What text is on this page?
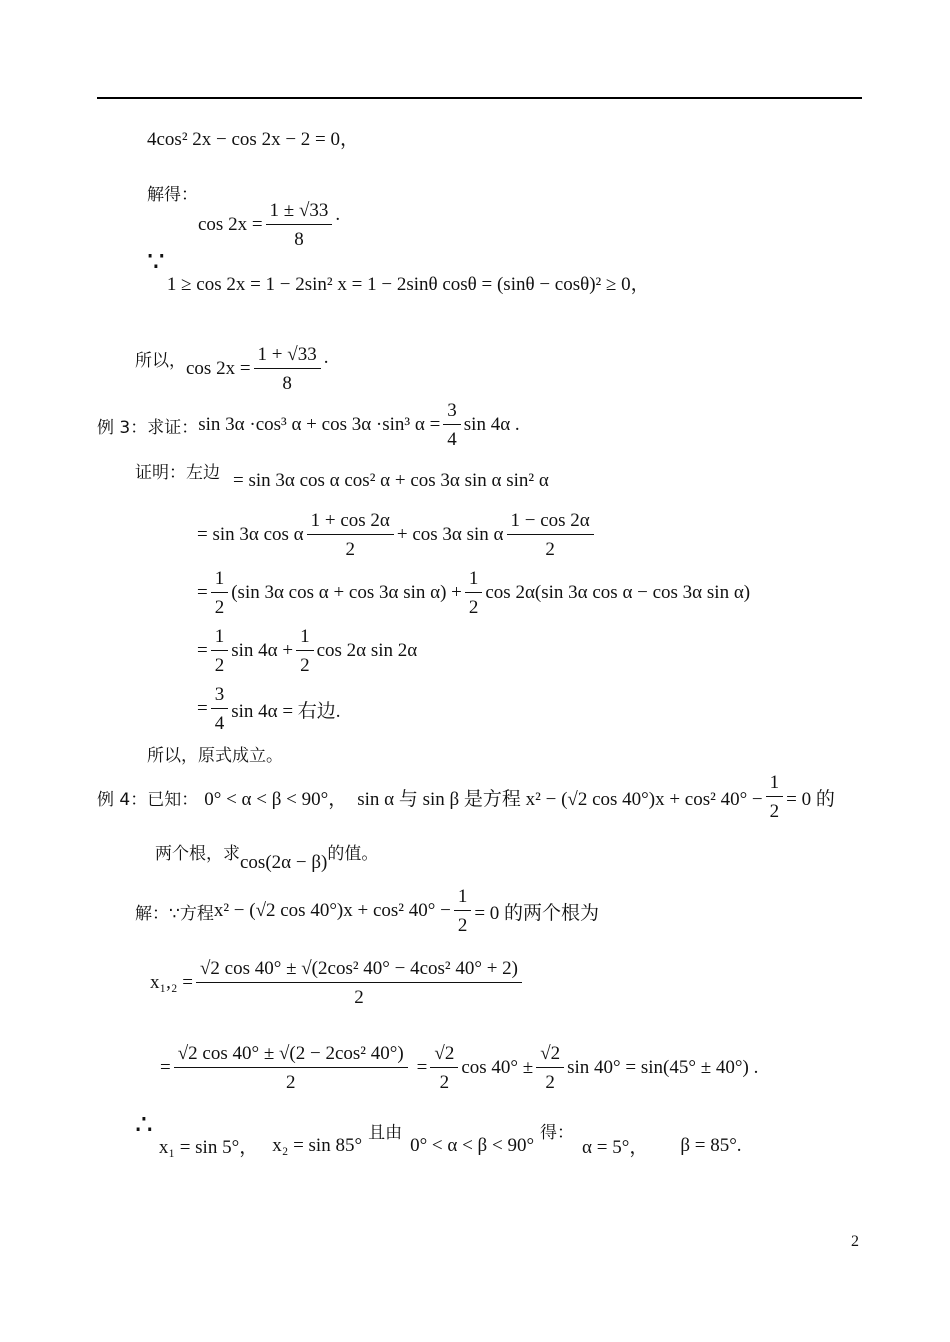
4cos² 2x − cos 2x − 2 = 0，
解得：
$\cos 2x = \frac{1 \pm √33}{8}$ .
∵
1 ≥ cos 2x = 1 − 2sin² x = 1 − 2sinθ cosθ = (sinθ − cosθ)² ≥ 0，
所以， $\cos 2x = \frac{1 + √33}{8}$ .
例 3：求证： sin 3α ·cos³ α + cos 3α ·sin³ $\alpha = \frac{3}{4}$ sin 4α .
证明：左边 = sin 3α cos α cos² α + cos 3α sin α sin² α
= sin 3α cos α $\frac{1 + \cos 2\alpha}{2} + \cos 3\alpha$ sin α $\frac{1 - \cos 2\alpha}{2}$
= $\frac{1}{2} (\sin$ 3α cos α + cos 3α $\sin \alpha) + \frac{1}{2}$ cos 2α(sin 3α cos α − cos 3α sin α)
= $\frac{1}{2}$ $\sin 4\alpha + \frac{1}{2}$ cos 2α sin 2α
= $\frac{3}{4}$ sin 4α = 右边.
所以，原式成立。
例 4：已知： 0° < α < β < 90°， sin α 与 sin β 是方程 x² − (√2 cos 40°)x + cos² $40^\circ - \frac{1}{2} = 0$ 的
两个根，求 cos(2α − β) 的值。
解：∵方程 x² − (√2 cos 40°)x + cos² $40^\circ - \frac{1}{2} = 0$ 的两个根为
$x_1,_2 = \frac{\text{√2 cos 40° ± √(2cos² 40° − 4cos² 40° + 2)}}{2}$
= $\frac{\text{√2 cos 40° ± √(2 − 2cos² 40°)}}{2} = \frac{√2}{2}$ $\cos 40^\circ \pm \frac{√2}{2}$ sin 40° = sin(45° ± 40°) .
∴
x₁ = sin 5°， x₂ = sin 85°
且由
0° < α < β < 90°
得：
α = 5°， β = 85°.
2
